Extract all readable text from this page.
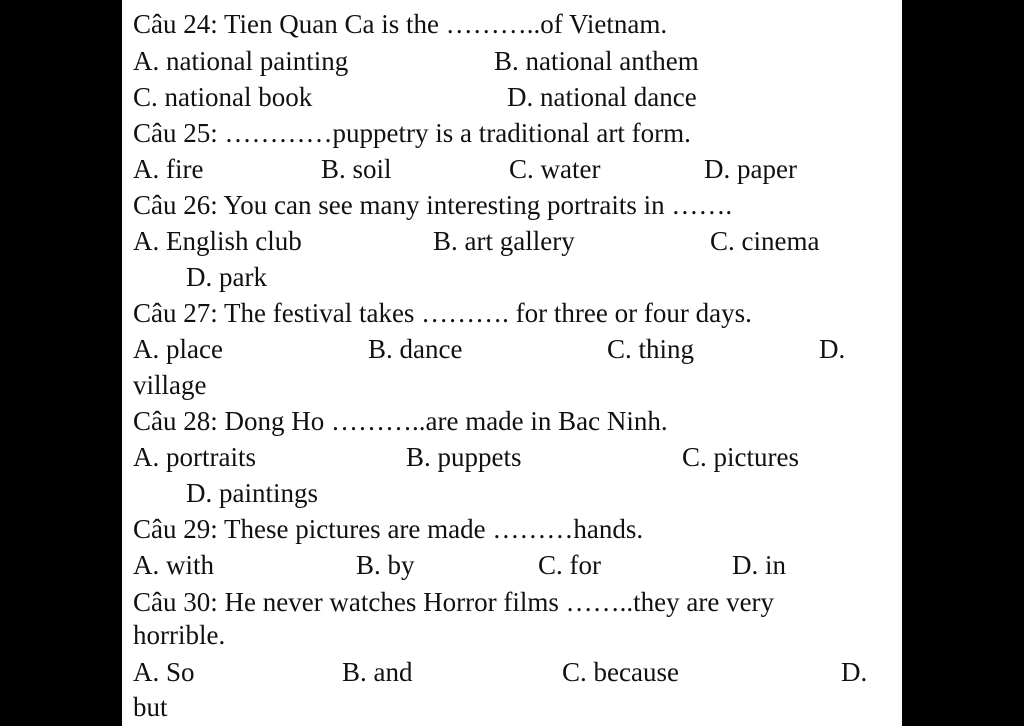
Câu 24: Tien Quan Ca is the ………..of Vietnam.
A. national painting	B. national anthem
C. national book	D. national dance
Câu 25: …………puppetry is a traditional art form.
A. fire	B. soil	C. water	D. paper
Câu 26: You can see many interesting portraits in …….
A. English club	B. art gallery	C. cinema
D. park
Câu 27: The festival takes ………. for three or four days.
A. place	B. dance	C. thing	D.
village
Câu 28: Dong Ho ………..are made in Bac Ninh.
A. portraits	B. puppets	C. pictures
D. paintings
Câu 29: These pictures are made ………hands.
A. with	B. by	C. for	D. in
Câu 30: He never watches Horror films ……..they are very
horrible.
A. So	B. and	C. because	D.
but
